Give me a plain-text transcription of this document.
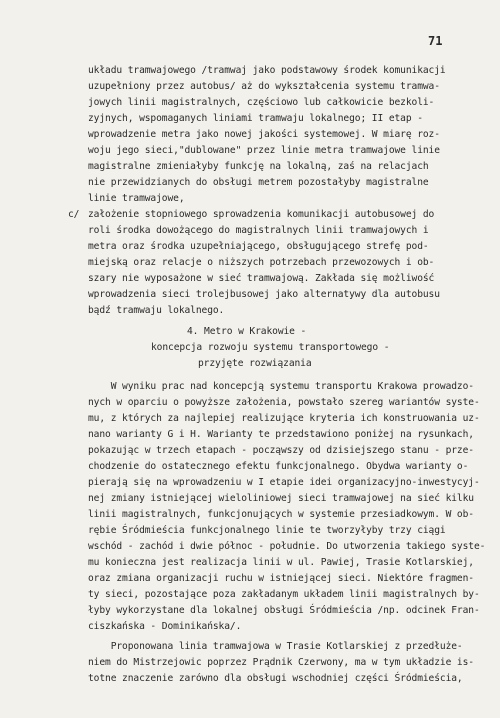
71
układu tramwajowego /tramwaj jako podstawowy środek komunikacji
uzupełniony przez autobus/ aż do wykształcenia systemu tramwa-
jowych linii magistralnych, częściowo lub całkowicie bezkoli-
zyjnych, wspomaganych liniami tramwaju lokalnego; II etap -
wprowadzenie metra jako nowej jakości systemowej. W miarę roz-
woju jego sieci,"dublowane" przez linie metra tramwajowe linie
magistralne zmieniałyby funkcję na lokalną, zaś na relacjach
nie przewidzianych do obsługi metrem pozostałyby magistralne
linie tramwajowe,
c/ założenie stopniowego sprowadzenia komunikacji autobusowej do
roli środka dowożącego do magistralnych linii tramwajowych i
metra oraz środka uzupełniającego, obsługującego strefę pod-
miejską oraz relacje o niższych potrzebach przewozowych i ob-
szary nie wyposażone w sieć tramwajową. Zakłada się możliwość
wprowadzenia sieci trolejbusowej jako alternatywy dla autobusu
bądź tramwaju lokalnego.
4. Metro w Krakowie -
koncepcja rozwoju systemu transportowego -
przyjęte rozwiązania
W wyniku prac nad koncepcją systemu transportu Krakowa prowadzo-
nych w oparciu o powyższe założenia, powstało szereg wariantów syste-
mu, z których za najlepiej realizujące kryteria ich konstruowania uz-
nano warianty G i H. Warianty te przedstawiono poniżej na rysunkach,
pokazując w trzech etapach - począwszy od dzisiejszego stanu - prze-
chodzenie do ostatecznego efektu funkcjonalnego. Obydwa warianty o-
pierają się na wprowadzeniu w I etapie idei organizacyjno-inwestycyj-
nej zmiany istniejącej wieloliniowej sieci tramwajowej na sieć kilku
linii magistralnych, funkcjonujących w systemie przesiadkowym. W ob-
rębie Śródmieścia funkcjonalnego linie te tworzyłyby trzy ciągi
wschód - zachód i dwie północ - południe. Do utworzenia takiego syste-
mu konieczna jest realizacja linii w ul. Pawiej, Trasie Kotlarskiej,
oraz zmiana organizacji ruchu w istniejącej sieci. Niektóre fragmen-
ty sieci, pozostające poza zakładanym układem linii magistralnych by-
łyby wykorzystane dla lokalnej obsługi Śródmieścia /np. odcinek Fran-
ciszkańska - Dominikańska/.
Proponowana linia tramwajowa w Trasie Kotlarskiej z przedłuże-
niem do Mistrzejowic poprzez Prądnik Czerwony, ma w tym układzie is-
totne znaczenie zarówno dla obsługi wschodniej części Śródmieścia,
